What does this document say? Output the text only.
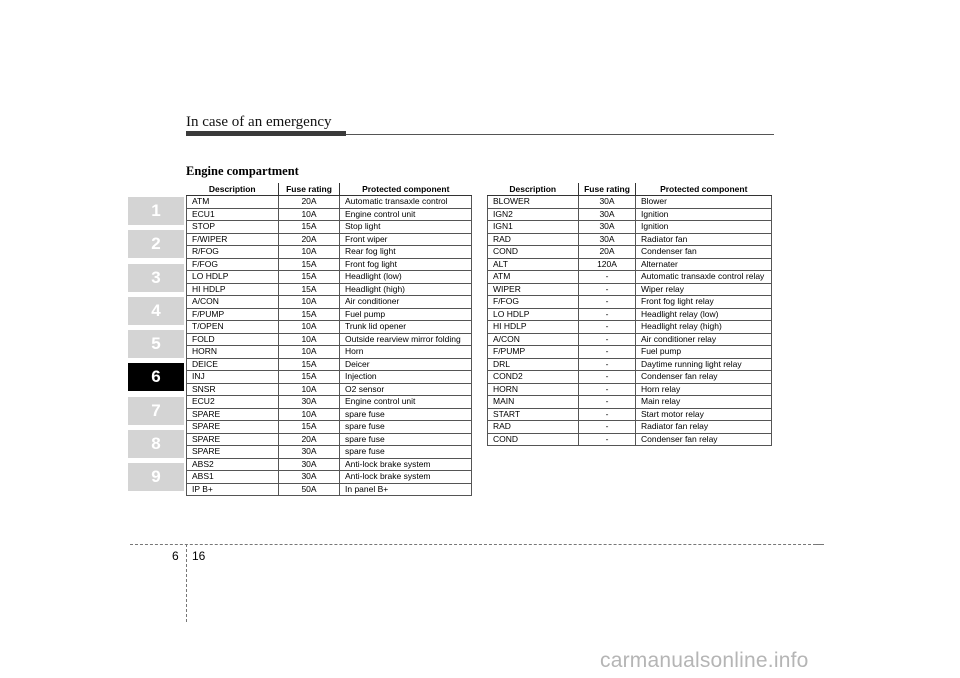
In case of an emergency
Engine compartment
1
2
3
4
5
6
7
8
9
Description	Fuse rating	Protected component
ATM	20A	Automatic transaxle control
ECU1	10A	Engine control unit
STOP	15A	Stop light
F/WIPER	20A	Front wiper
R/FOG	10A	Rear fog light
F/FOG	15A	Front fog light
LO HDLP	15A	Headlight (low)
HI HDLP	15A	Headlight (high)
A/CON	10A	Air conditioner
F/PUMP	15A	Fuel pump
T/OPEN	10A	Trunk lid opener
FOLD	10A	Outside rearview mirror folding
HORN	10A	Horn
DEICE	15A	Deicer
INJ	15A	Injection
SNSR	10A	O2 sensor
ECU2	30A	Engine control unit
SPARE	10A	spare fuse
SPARE	15A	spare fuse
SPARE	20A	spare fuse
SPARE	30A	spare fuse
ABS2	30A	Anti-lock brake system
ABS1	30A	Anti-lock brake system
IP B+	50A	In panel B+
Description	Fuse rating	Protected component
BLOWER	30A	Blower
IGN2	30A	Ignition
IGN1	30A	Ignition
RAD	30A	Radiator fan
COND	20A	Condenser fan
ALT	120A	Alternater
ATM	-	Automatic transaxle control relay
WIPER	-	Wiper relay
F/FOG	-	Front fog light relay
LO HDLP	-	Headlight relay (low)
HI HDLP	-	Headlight relay (high)
A/CON	-	Air conditioner relay
F/PUMP	-	Fuel pump
DRL	-	Daytime running light relay
COND2	-	Condenser fan relay
HORN	-	Horn relay
MAIN	-	Main relay
START	-	Start motor relay
RAD	-	Radiator fan relay
COND	-	Condenser fan relay
6 16
carmanualsonline.info
